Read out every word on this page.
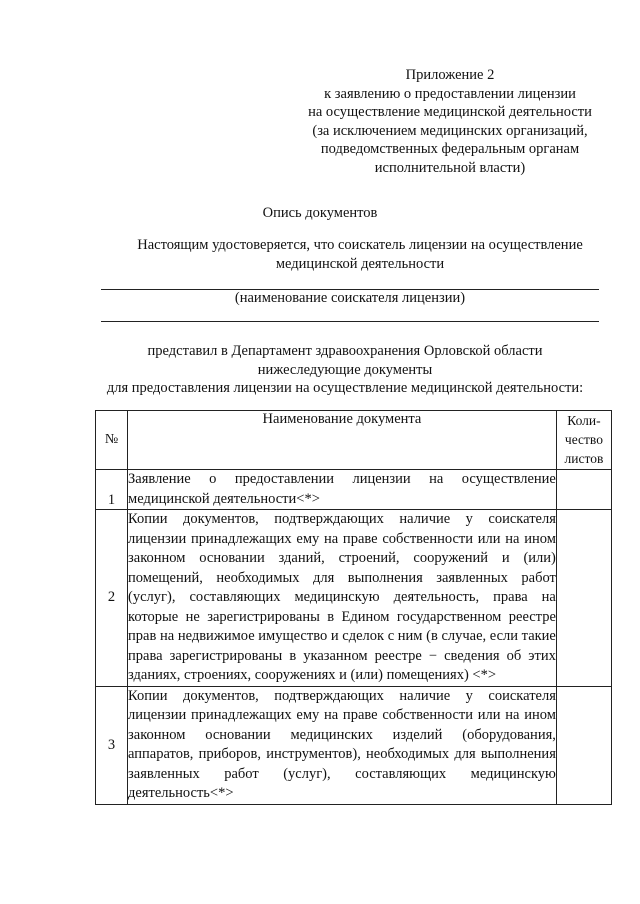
Приложение 2
к заявлению о предоставлении лицензии
на осуществление медицинской деятельности
(за исключением медицинских организаций,
подведомственных федеральным органам
исполнительной власти)
Опись документов
Настоящим удостоверяется, что соискатель лицензии на осуществление
медицинской деятельности
(наименование соискателя лицензии)
представил в Департамент здравоохранения Орловской области
нижеследующие документы
для предоставления лицензии на осуществление медицинской деятельности:
№	Наименование документа	Коли-чество листов
1	Заявление о предоставлении лицензии на осуществление медицинской деятельности<*>	
2	Копии документов, подтверждающих наличие у соискателя лицензии принадлежащих ему на праве собственности или на ином законном основании зданий, строений, сооружений и (или) помещений, необходимых для выполнения заявленных работ (услуг), составляющих медицинскую деятельность, права на которые не зарегистрированы в Едином государственном реестре прав на недвижимое имущество и сделок с ним (в случае, если такие права зарегистрированы в указанном реестре − сведения об этих зданиях, строениях, сооружениях и (или) помещениях) <*>	
3	Копии документов, подтверждающих наличие у соискателя лицензии принадлежащих ему на праве собственности или на ином законном основании медицинских изделий (оборудования, аппаратов, приборов, инструментов), необходимых для выполнения заявленных работ (услуг), составляющих медицинскую деятельность<*>	
